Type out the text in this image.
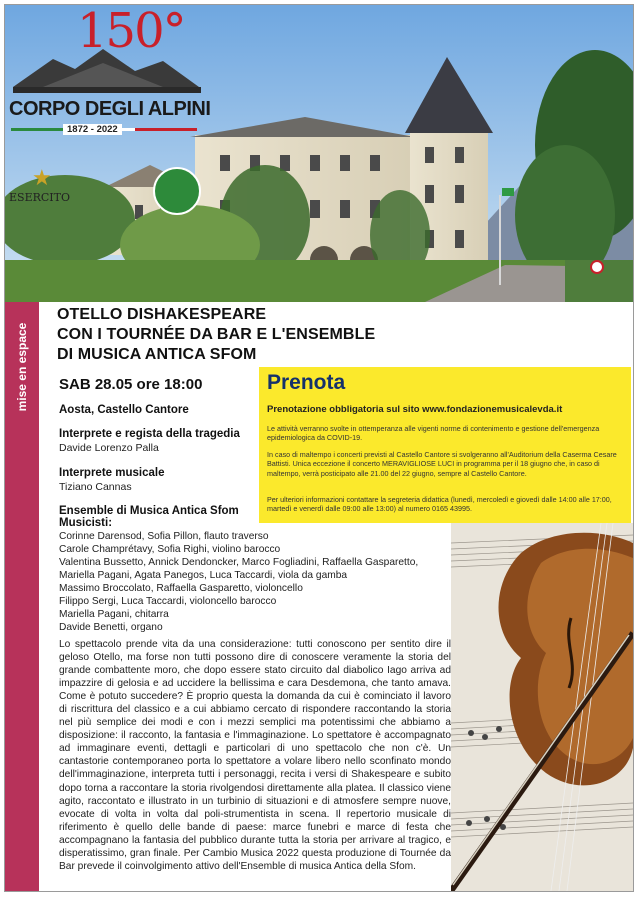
150°
CORPO DEGLI ALPINI
1872 - 2022
★
ESERCITO
mise en espace
OTELLO DISHAKESPEARE
CON I TOURNÉE DA BAR E L'ENSEMBLE
DI MUSICA ANTICA SFOM
SAB 28.05 ore 18:00
Aosta, Castello Cantore
Interprete e regista della tragedia
Davide Lorenzo Palla
Interprete musicale
Tiziano Cannas
Ensemble di Musica Antica Sfom
Musicisti:
Corinne Darensod, Sofia Pillon, flauto traverso
Carole Champrétavy, Sofia Righi, violino barocco
Valentina Bussetto, Annick Dendoncker, Marco Fogliadini, Raffaella Gasparetto,
Mariella Pagani, Agata Panegos, Luca Taccardi, viola da gamba
Massimo Broccolato, Raffaella Gasparetto, violoncello
Filippo Sergi, Luca Taccardi, violoncello barocco
Mariella Pagani, chitarra
Davide Benetti, organo
Lo spettacolo prende vita da una considerazione: tutti conoscono per sentito dire il geloso Otello, ma forse non tutti possono dire di conoscere veramente la storia del grande combattente moro, che dopo essere stato circuito dal diabolico Iago arriva ad impazzire di gelosia e ad uccidere la bellissima e cara Desdemona, che tanto amava. Come è potuto succedere? È proprio questa la domanda da cui è cominciato il lavoro di riscrittura del classico e a cui abbiamo cercato di rispondere raccontando la storia nel più semplice dei modi e con i mezzi semplici ma potentissimi che abbiamo a disposizione: il racconto, la fantasia e l'immaginazione. Lo spettatore è accompagnato ad immaginare eventi, dettagli e particolari di uno spettacolo che non c'è. Un cantastorie contemporaneo porta lo spettatore a volare libero nello sconfinato mondo dell'immaginazione, interpreta tutti i personaggi, recita i versi di Shakespeare e subito dopo torna a raccontare la storia rivolgendosi direttamente alla platea. Il classico viene agito, raccontato e illustrato in un turbinio di situazioni e di atmosfere sempre nuove, evocate di volta in volta dal poli-strumentista in scena. Il repertorio musicale di riferimento è quello delle bande di paese: marce funebri e marce di festa che accompagnano la fantasia del pubblico durante tutta la storia per arrivare al tragico, e disperatissimo, gran finale. Per Cambio Musica 2022 questa produzione di Tournée da Bar prevede il coinvolgimento attivo dell'Ensemble di musica Antica della Sfom.
Prenota
Prenotazione obbligatoria sul sito www.fondazionemusicalevda.it
Le attività verranno svolte in ottemperanza alle vigenti norme di contenimento e gestione dell'emergenza epidemiologica da COVID-19.
In caso di maltempo i concerti previsti al Castello Cantore si svolgeranno all'Auditorium della Caserma Cesare Battisti. Unica eccezione il concerto MERAVIGLIOSE LUCI in programma per il 18 giugno che, in caso di maltempo, verrà posticipato alle 21.00 del 22 giugno, sempre al Castello Cantore.
Per ulteriori informazioni contattare la segreteria didattica (lunedì, mercoledì e giovedì dalle 14:00 alle 17:00, martedì e venerdì dalle 09:00 alle 13:00) al numero 0165 43995.
